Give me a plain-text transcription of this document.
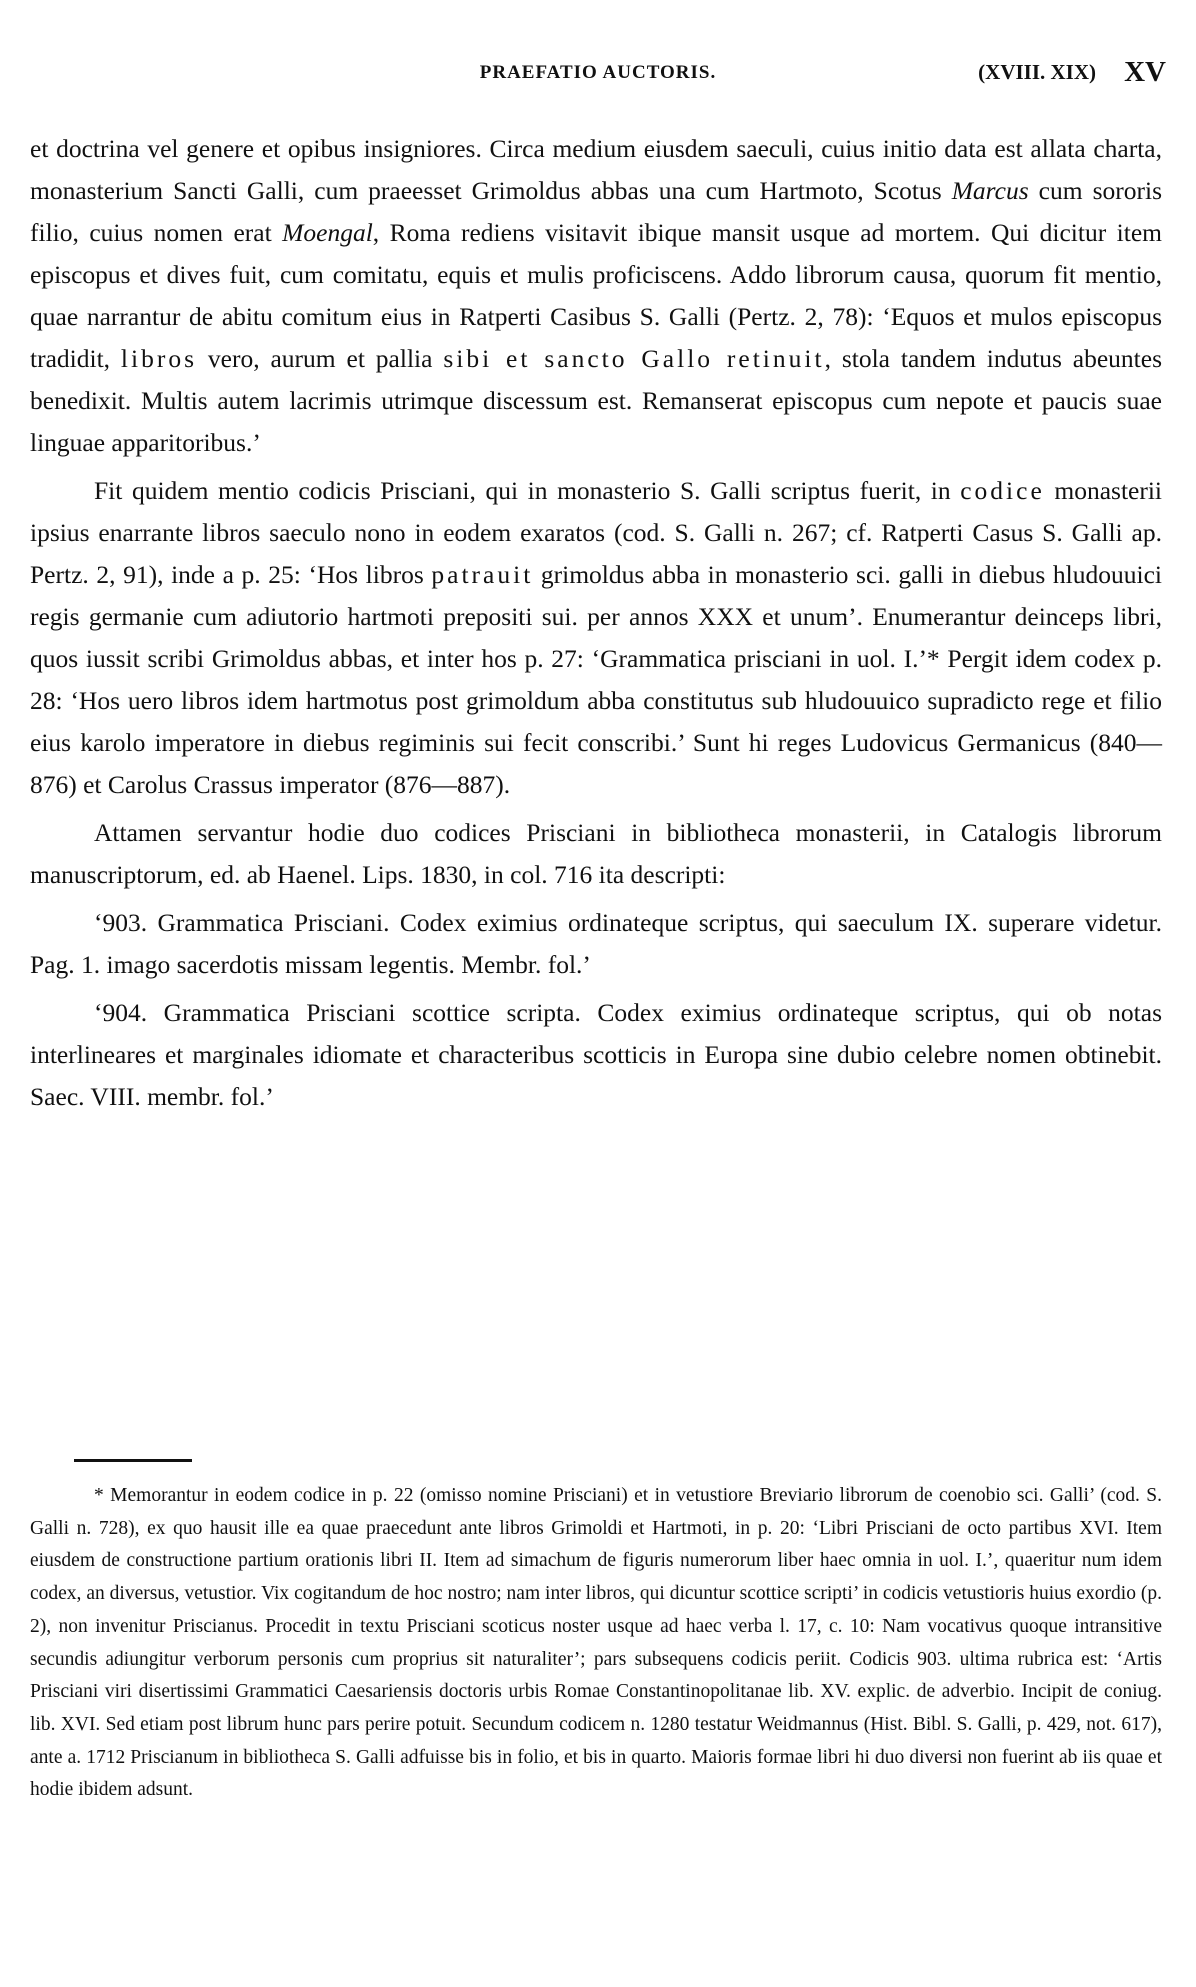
PRAEFATIO AUCTORIS.	(XVIII. XIX) XV

et doctrina vel genere et opibus insigniores. Circa medium eiusdem saeculi, cuius initio data est allata charta, monasterium Sancti Galli, cum praeesset Grimoldus abbas una cum Hartmoto, Scotus Marcus cum sororis filio, cuius nomen erat Moengal, Roma rediens visitavit ibique mansit usque ad mortem. Qui dicitur item episcopus et dives fuit, cum comitatu, equis et mulis proficiscens. Addo librorum causa, quorum fit mentio, quae narrantur de abitu comitum eius in Ratperti Casibus S. Galli (Pertz. 2, 78): ‘Equos et mulos episcopus tradidit, libros vero, aurum et pallia sibi et sancto Gallo retinuit, stola tandem indutus abeuntes benedixit. Multis autem lacrimis utrimque discessum est. Remanserat episcopus cum nepote et paucis suae linguae apparitoribus.’

Fit quidem mentio codicis Prisciani, qui in monasterio S. Galli scriptus fuerit, in codice monasterii ipsius enarrante libros saeculo nono in eodem exaratos (cod. S. Galli n. 267; cf. Ratperti Casus S. Galli ap. Pertz. 2, 91), inde a p. 25: ‘Hos libros patrauit grimoldus abba in monasterio sci. galli in diebus hludouuici regis germanie cum adiutorio hartmoti prepositi sui. per annos XXX et unum’. Enumerantur deinceps libri, quos iussit scribi Grimoldus abbas, et inter hos p. 27: ‘Grammatica prisciani in uol. I.’* Pergit idem codex p. 28: ‘Hos uero libros idem hartmotus post grimoldum abba constitutus sub hludouuico supradicto rege et filio eius karolo imperatore in diebus regiminis sui fecit conscribi.’ Sunt hi reges Ludovicus Germanicus (840—876) et Carolus Crassus imperator (876—887).

Attamen servantur hodie duo codices Prisciani in bibliotheca monasterii, in Catalogis librorum manuscriptorum, ed. ab Haenel. Lips. 1830, in col. 716 ita descripti:

‘903. Grammatica Prisciani. Codex eximius ordinateque scriptus, qui saeculum IX. superare videtur. Pag. 1. imago sacerdotis missam legentis. Membr. fol.’

‘904. Grammatica Prisciani scottice scripta. Codex eximius ordinateque scriptus, qui ob notas interlineares et marginales idiomate et characteribus scotticis in Europa sine dubio celebre nomen obtinebit. Saec. VIII. membr. fol.’

* Memorantur in eodem codice in p. 22 (omisso nomine Prisciani) et in vetustiore Breviario librorum de coenobio sci. Galli’ (cod. S. Galli n. 728), ex quo hausit ille ea quae praecedunt ante libros Grimoldi et Hartmoti, in p. 20: ‘Libri Prisciani de octo partibus XVI. Item eiusdem de constructione partium orationis libri II. Item ad simachum de figuris numerorum liber haec omnia in uol. I.’, quaeritur num idem codex, an diversus, vetustior. Vix cogitandum de hoc nostro; nam inter libros, qui dicuntur scottice scripti’ in codicis vetustioris huius exordio (p. 2), non invenitur Priscianus. Procedit in textu Prisciani scoticus noster usque ad haec verba l. 17, c. 10: Nam vocativus quoque intransitive secundis adiungitur verborum personis cum proprius sit naturaliter’; pars subsequens codicis periit. Codicis 903. ultima rubrica est: ‘Artis Prisciani viri disertissimi Grammatici Caesariensis doctoris urbis Romae Constantinopolitanae lib. XV. explic. de adverbio. Incipit de coniug. lib. XVI. Sed etiam post librum hunc pars perire potuit. Secundum codicem n. 1280 testatur Weidmannus (Hist. Bibl. S. Galli, p. 429, not. 617), ante a. 1712 Priscianum in bibliotheca S. Galli adfuisse bis in folio, et bis in quarto. Maioris formae libri hi duo diversi non fuerint ab iis quae et hodie ibidem adsunt.
